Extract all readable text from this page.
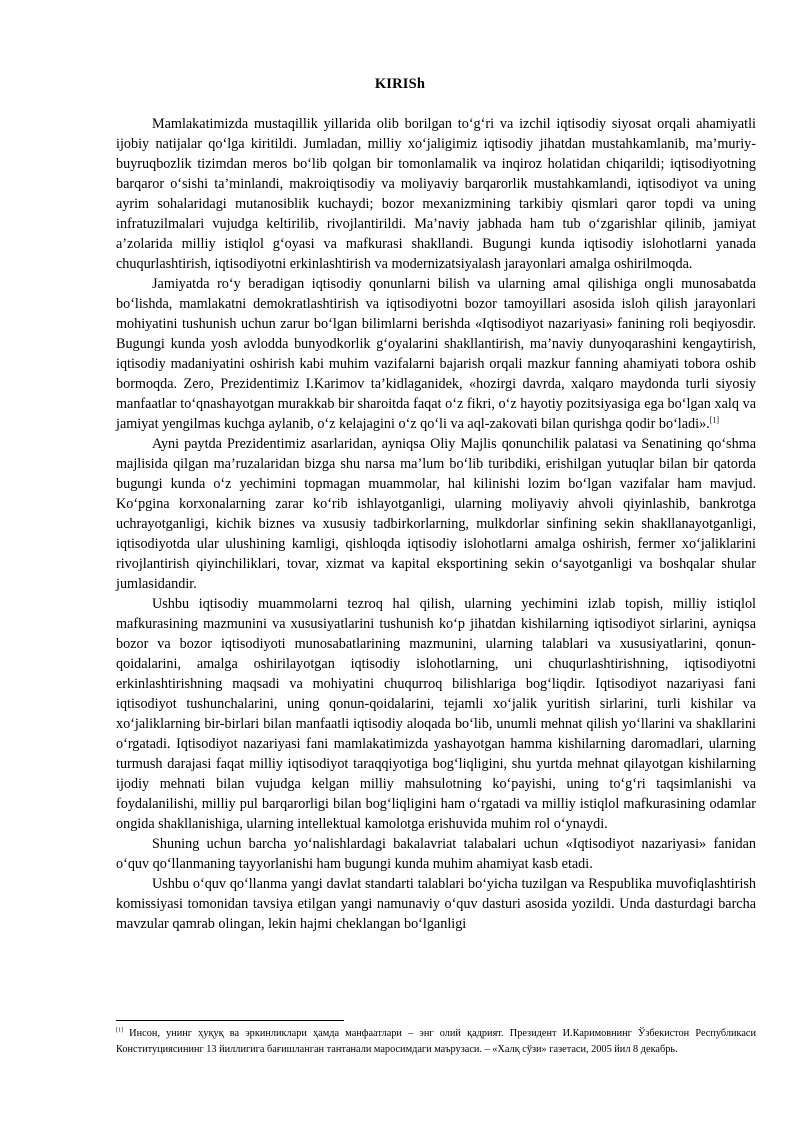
KIRISh

Mamlakatimizda mustaqillik yillarida olib borilgan to‘g‘ri va izchil iqtisodiy siyosat orqali ahamiyatli ijobiy natijalar qo‘lga kiritildi. Jumladan, milliy xo‘jaligimiz iqtisodiy jihatdan mustahkamlanib, ma’muriy-buyruqbozlik tizimdan meros bo‘lib qolgan bir tomonlamalik va inqiroz holatidan chiqarildi; iqtisodiyotning barqaror o‘sishi ta’minlandi, makroiqtisodiy va moliyaviy barqarorlik mustahkamlandi, iqtisodiyot va uning ayrim sohalaridagi mutanosiblik kuchaydi; bozor mexanizmining tarkibiy qismlari qaror topdi va uning infratuzilmalari vujudga keltirilib, rivojlantirildi. Ma’naviy jabhada ham tub o‘zgarishlar qilinib, jamiyat a’zolarida milliy istiqlol g‘oyasi va mafkurasi shakllandi. Bugungi kunda iqtisodiy islohotlarni yanada chuqurlashtirish, iqtisodiyotni erkinlashtirish va modernizatsiyalash jarayonlari amalga oshirilmoqda.

Jamiyatda ro‘y beradigan iqtisodiy qonunlarni bilish va ularning amal qilishiga ongli munosabatda bo‘lishda, mamlakatni demokratlashtirish va iqtisodiyotni bozor tamoyillari asosida isloh qilish jarayonlari mohiyatini tushunish uchun zarur bo‘lgan bilimlarni berishda «Iqtisodiyot nazariyasi» fanining roli beqiyosdir. Bugungi kunda yosh avlodda bunyodkorlik g‘oyalarini shakllantirish, ma’naviy dunyoqarashini kengaytirish, iqtisodiy madaniyatini oshirish kabi muhim vazifalarni bajarish orqali mazkur fanning ahamiyati tobora oshib bormoqda. Zero, Prezidentimiz I.Karimov ta’kidlaganidek, «hozirgi davrda, xalqaro maydonda turli siyosiy manfaatlar to‘qnashayotgan murakkab bir sharoitda faqat o‘z fikri, o‘z hayotiy pozitsiyasiga ega bo‘lgan xalq va jamiyat yengilmas kuchga aylanib, o‘z kelajagini o‘z qo‘li va aql-zakovati bilan qurishga qodir bo‘ladi».[1]

Ayni paytda Prezidentimiz asarlaridan, ayniqsa Oliy Majlis qonunchilik palatasi va Senatining qo‘shma majlisida qilgan ma’ruzalaridan bizga shu narsa ma’lum bo‘lib turibdiki, erishilgan yutuqlar bilan bir qatorda bugungi kunda o‘z yechimini topmagan muammolar, hal kilinishi lozim bo‘lgan vazifalar ham mavjud. Ko‘pgina korxonalarning zarar ko‘rib ishlayotganligi, ularning moliyaviy ahvoli qiyinlashib, bankrotga uchrayotganligi, kichik biznes va xususiy tadbirkorlarning, mulkdorlar sinfining sekin shakllanayotganligi, iqtisodiyotda ular ulushining kamligi, qishloqda iqtisodiy islohotlarni amalga oshirish, fermer xo‘jaliklarini rivojlantirish qiyinchiliklari, tovar, xizmat va kapital eksportining sekin o‘sayotganligi va boshqalar shular jumlasidandir.

Ushbu iqtisodiy muammolarni tezroq hal qilish, ularning yechimini izlab topish, milliy istiqlol mafkurasining mazmunini va xususiyatlarini tushunish ko‘p jihatdan kishilarning iqtisodiyot sirlarini, ayniqsa bozor va bozor iqtisodiyoti munosabatlarining mazmunini, ularning talablari va xususiyatlarini, qonun-qoidalarini, amalga oshirilayotgan iqtisodiy islohotlarning, uni chuqurlashtirishning, iqtisodiyotni erkinlashtirishning maqsadi va mohiyatini chuqurroq bilishlariga bog‘liqdir. Iqtisodiyot nazariyasi fani iqtisodiyot tushunchalarini, uning qonun-qoidalarini, tejamli xo‘jalik yuritish sirlarini, turli kishilar va xo‘jaliklarning bir-birlari bilan manfaatli iqtisodiy aloqada bo‘lib, unumli mehnat qilish yo‘llarini va shakllarini o‘rgatadi. Iqtisodiyot nazariyasi fani mamlakatimizda yashayotgan hamma kishilarning daromadlari, ularning turmush darajasi faqat milliy iqtisodiyot taraqqiyotiga bog‘liqligini, shu yurtda mehnat qilayotgan kishilarning ijodiy mehnati bilan vujudga kelgan milliy mahsulotning ko‘payishi, uning to‘g‘ri taqsimlanishi va foydalanilishi, milliy pul barqarorligi bilan bog‘liqligini ham o‘rgatadi va milliy istiqlol mafkurasining odamlar ongida shakllanishiga, ularning intellektual kamolotga erishuvida muhim rol o‘ynaydi.

Shuning uchun barcha yo‘nalishlardagi bakalavriat talabalari uchun «Iqtisodiyot nazariyasi» fanidan o‘quv qo‘llanmaning tayyorlanishi ham bugungi kunda muhim ahamiyat kasb etadi.

Ushbu o‘quv qo‘llanma yangi davlat standarti talablari bo‘yicha tuzilgan va Respublika muvofiqlashtirish komissiyasi tomonidan tavsiya etilgan yangi namunaviy o‘quv dasturi asosida yozildi. Unda dasturdagi barcha mavzular qamrab olingan, lekin hajmi cheklangan bo‘lganligi

[1] Инсон, унинг ҳуқуқ ва эркинликлари ҳамда манфаатлари – энг олий қадрият. Президент И.Каримовнинг Ўзбекистон Республикаси Конституциясининг 13 йиллигига бағишланган тантанали маросимдаги маърузаси. – «Халқ сўзи» газетаси, 2005 йил 8 декабрь.
